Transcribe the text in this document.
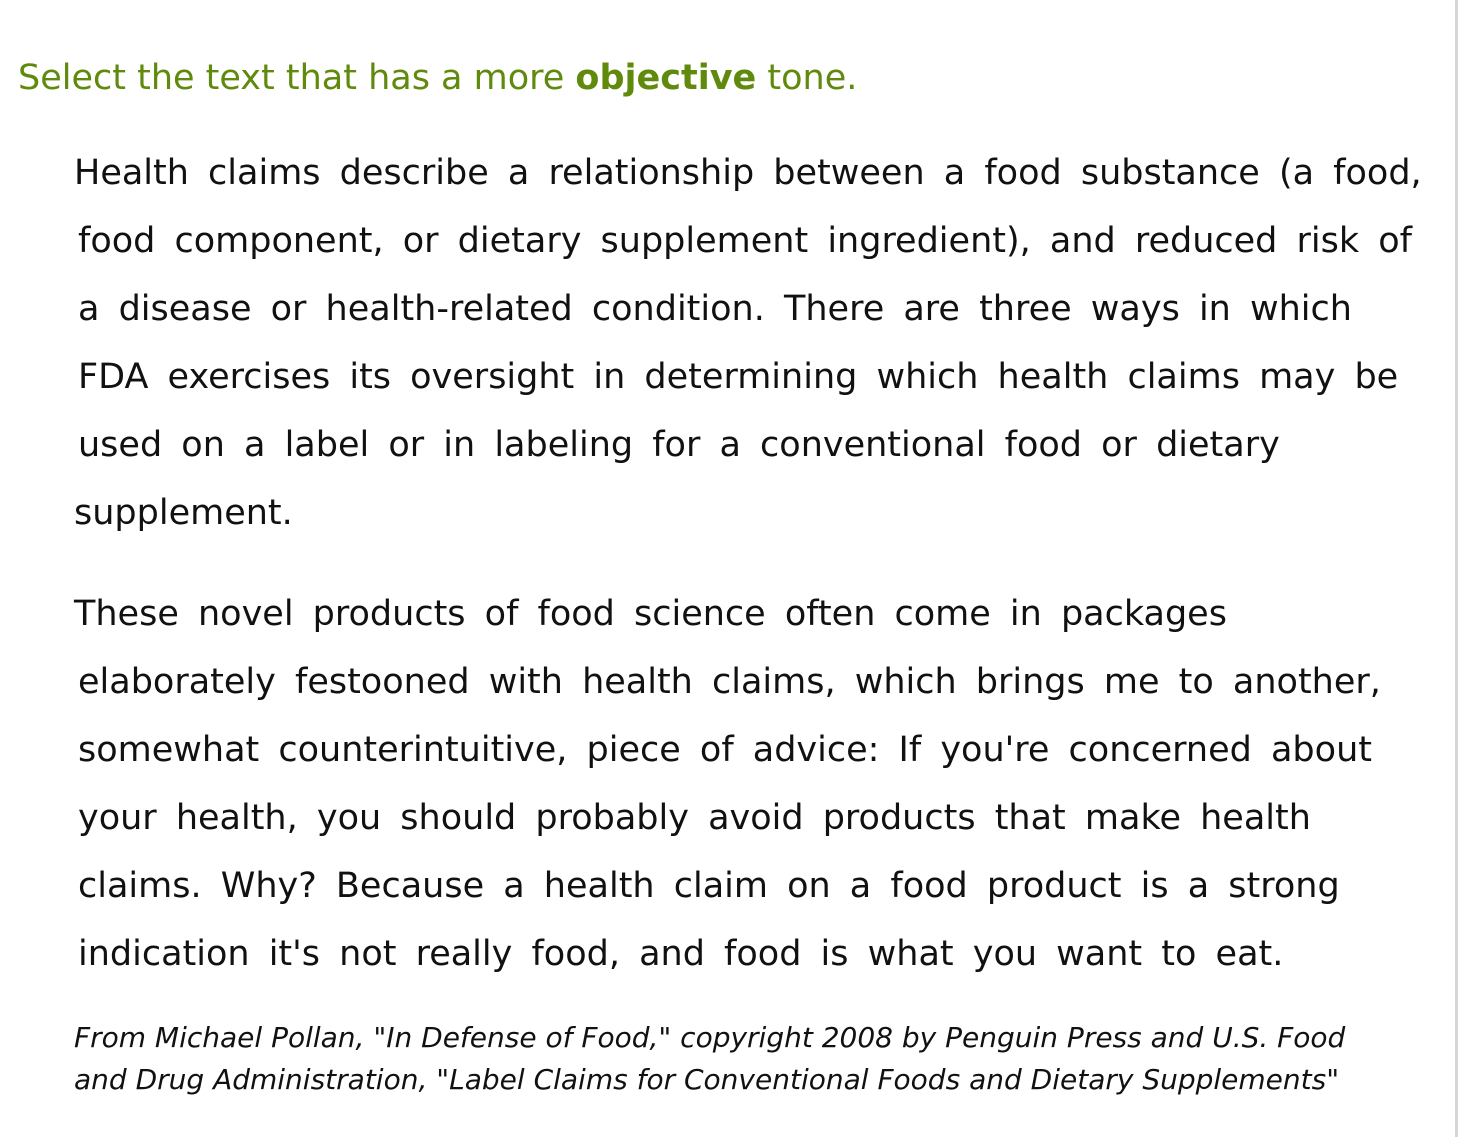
Select the text that has a more objective tone.
Health claims describe a relationship between a food substance (a food,
food component, or dietary supplement ingredient), and reduced risk of
a disease or health-related condition. There are three ways in which
FDA exercises its oversight in determining which health claims may be
used on a label or in labeling for a conventional food or dietary
supplement.
These novel products of food science often come in packages
elaborately festooned with health claims, which brings me to another,
somewhat counterintuitive, piece of advice: If you're concerned about
your health, you should probably avoid products that make health
claims. Why? Because a health claim on a food product is a strong
indication it's not really food, and food is what you want to eat.
From Michael Pollan, "In Defense of Food," copyright 2008 by Penguin Press and U.S. Food
and Drug Administration, "Label Claims for Conventional Foods and Dietary Supplements"
